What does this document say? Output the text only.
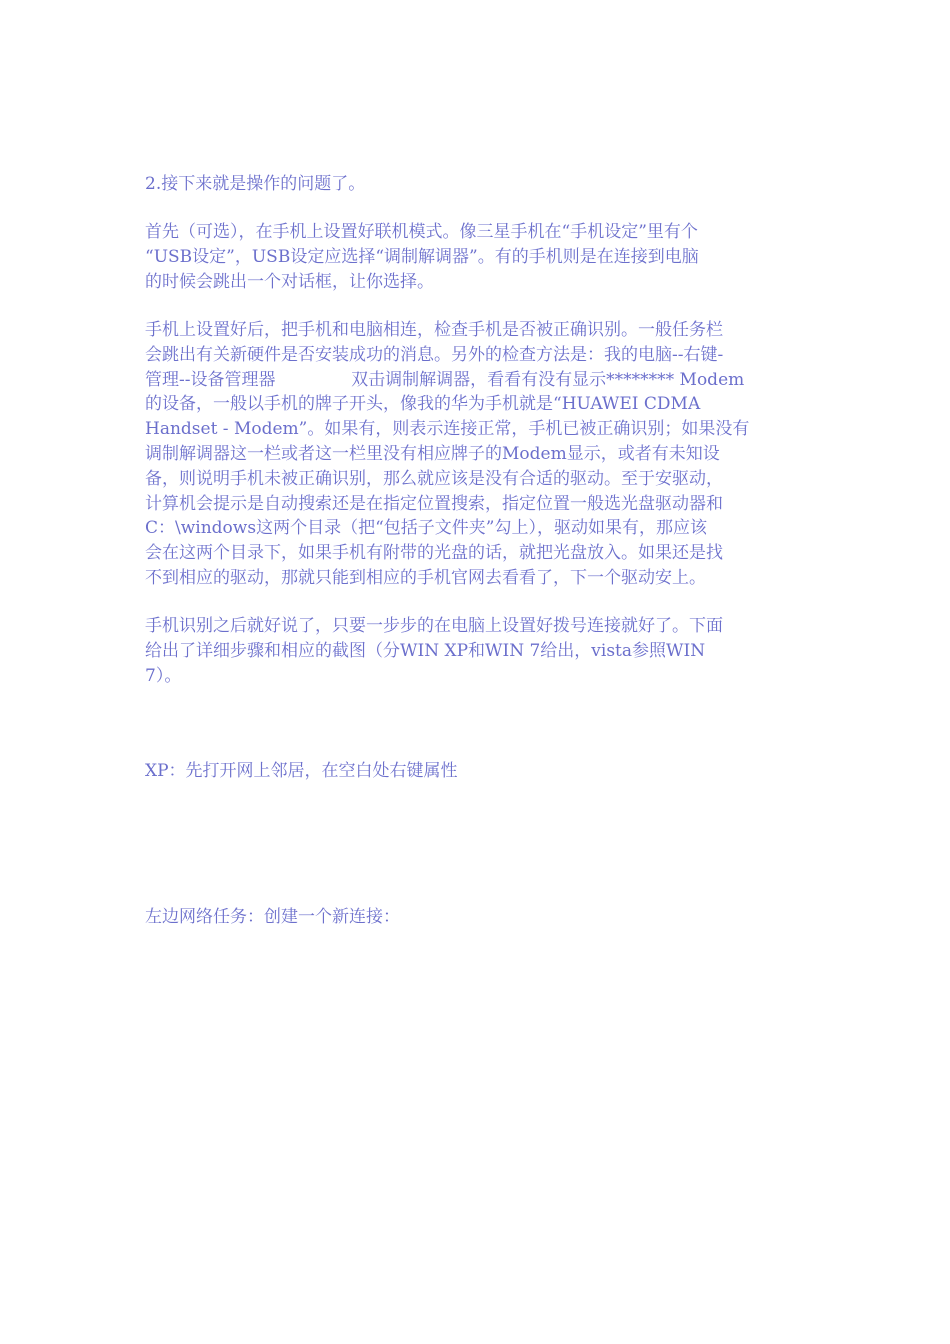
2.接下来就是操作的问题了。

首先（可选），在手机上设置好联机模式。像三星手机在“手机设定”里有个
“USB设定”，USB设定应选择“调制解调器”。有的手机则是在连接到电脑
的时候会跳出一个对话框，让你选择。

手机上设置好后，把手机和电脑相连，检查手机是否被正确识别。一般任务栏
会跳出有关新硬件是否安装成功的消息。另外的检查方法是：我的电脑--右键-
管理--设备管理器              双击调制解调器，看看有没有显示******** Modem
的设备，一般以手机的牌子开头，像我的华为手机就是“HUAWEI CDMA
Handset - Modem”。如果有，则表示连接正常，手机已被正确识别；如果没有
调制解调器这一栏或者这一栏里没有相应牌子的Modem显示，或者有未知设
备，则说明手机未被正确识别，那么就应该是没有合适的驱动。至于安驱动，
计算机会提示是自动搜索还是在指定位置搜索，指定位置一般选光盘驱动器和
C：\windows这两个目录（把“包括子文件夹”勾上），驱动如果有，那应该
会在这两个目录下，如果手机有附带的光盘的话，就把光盘放入。如果还是找
不到相应的驱动，那就只能到相应的手机官网去看看了，下一个驱动安上。

手机识别之后就好说了，只要一步步的在电脑上设置好拨号连接就好了。下面
给出了详细步骤和相应的截图（分WIN XP和WIN 7给出，vista参照WIN
7）。

XP：先打开网上邻居，在空白处右键属性

左边网络任务：创建一个新连接：
